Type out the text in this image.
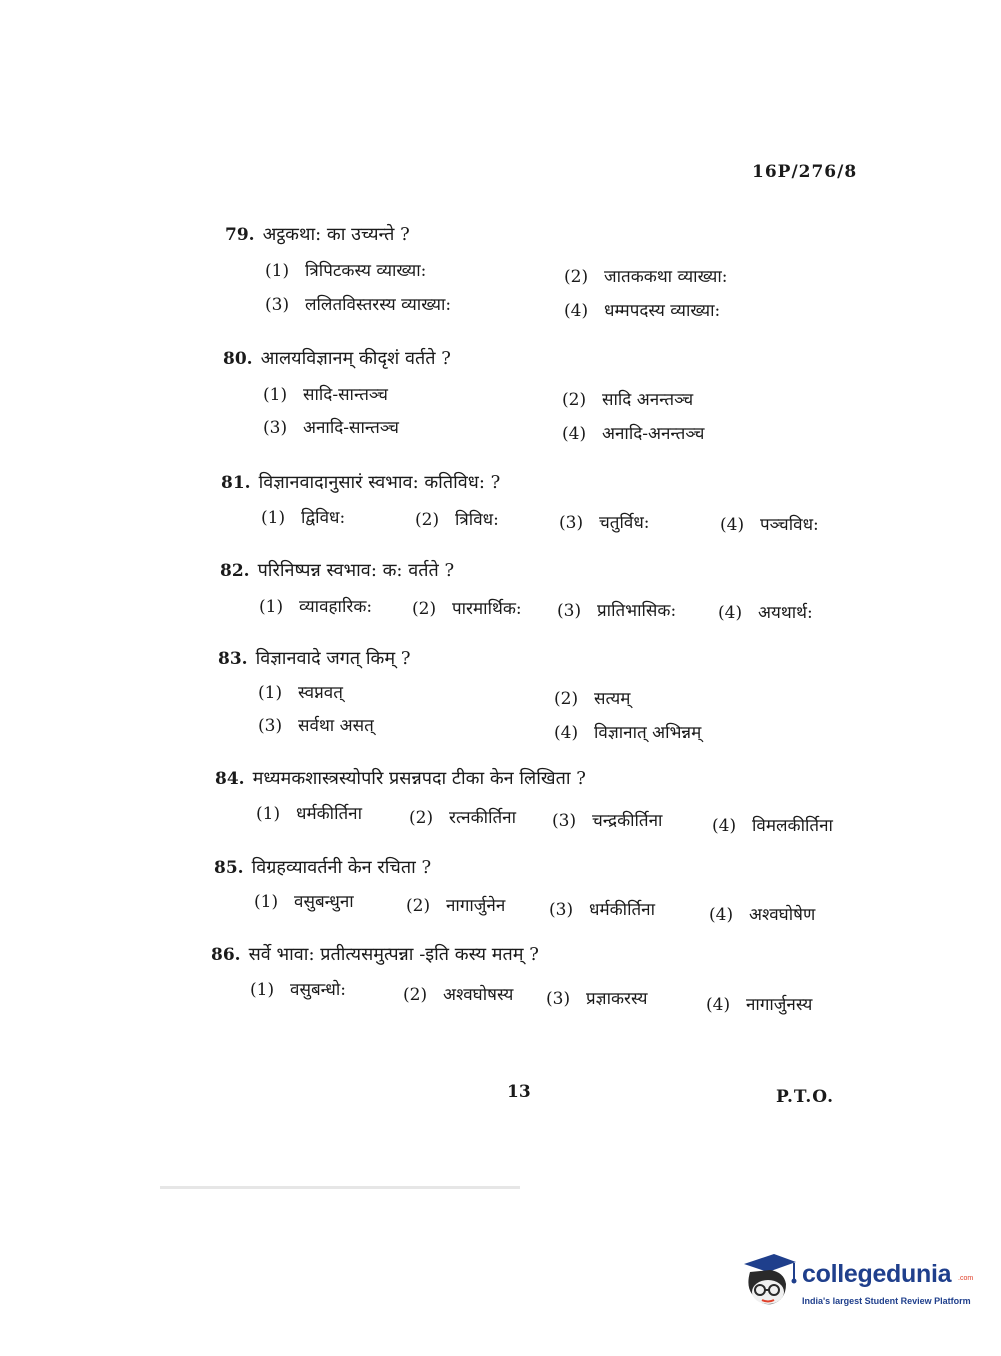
16P/276/8
79. अट्ठकथा: का उच्यन्ते ?
(1) त्रिपिटकस्य व्याख्या:	(2) जातककथा व्याख्या:
(3) ललितविस्तरस्य व्याख्या:	(4) धम्मपदस्य व्याख्या:
80. आलयविज्ञानम् कीदृशं वर्तते ?
(1) सादि-सान्तञ्च	(2) सादि अनन्तञ्च
(3) अनादि-सान्तञ्च	(4) अनादि-अनन्तञ्च
81. विज्ञानवादानुसारं स्वभाव: कतिविध: ?
(1) द्विविध:	(2) त्रिविध:	(3) चतुर्विध:	(4) पञ्चविध:
82. परिनिष्पन्न स्वभाव: क: वर्तते ?
(1) व्यावहारिक: (2) पारमार्थिक: (3) प्रातिभासिक: (4) अयथार्थ:
83. विज्ञानवादे जगत् किम् ?
(1) स्वप्नवत्	(2) सत्यम्
(3) सर्वथा असत्	(4) विज्ञानात् अभिन्नम्
84. मध्यमकशास्त्रस्योपरि प्रसन्नपदा टीका केन लिखिता ?
(1) धर्मकीर्तिना	(2) रत्नकीर्तिना (3) चन्द्रकीर्तिना	(4) विमलकीर्तिना
85. विग्रहव्यावर्तनी केन रचिता ?
(1) वसुबन्धुना	(2) नागार्जुनेन	(3) धर्मकीर्तिना	(4) अश्वघोषेण
86. सर्वे भावा: प्रतीत्यसमुत्पन्ना -इति कस्य मतम् ?
(1) वसुबन्धो:	(2) अश्वघोषस्य (3) प्रज्ञाकरस्य	(4) नागार्जुनस्य
13	P.T.O.
collegedunia .com
India's largest Student Review Platform
